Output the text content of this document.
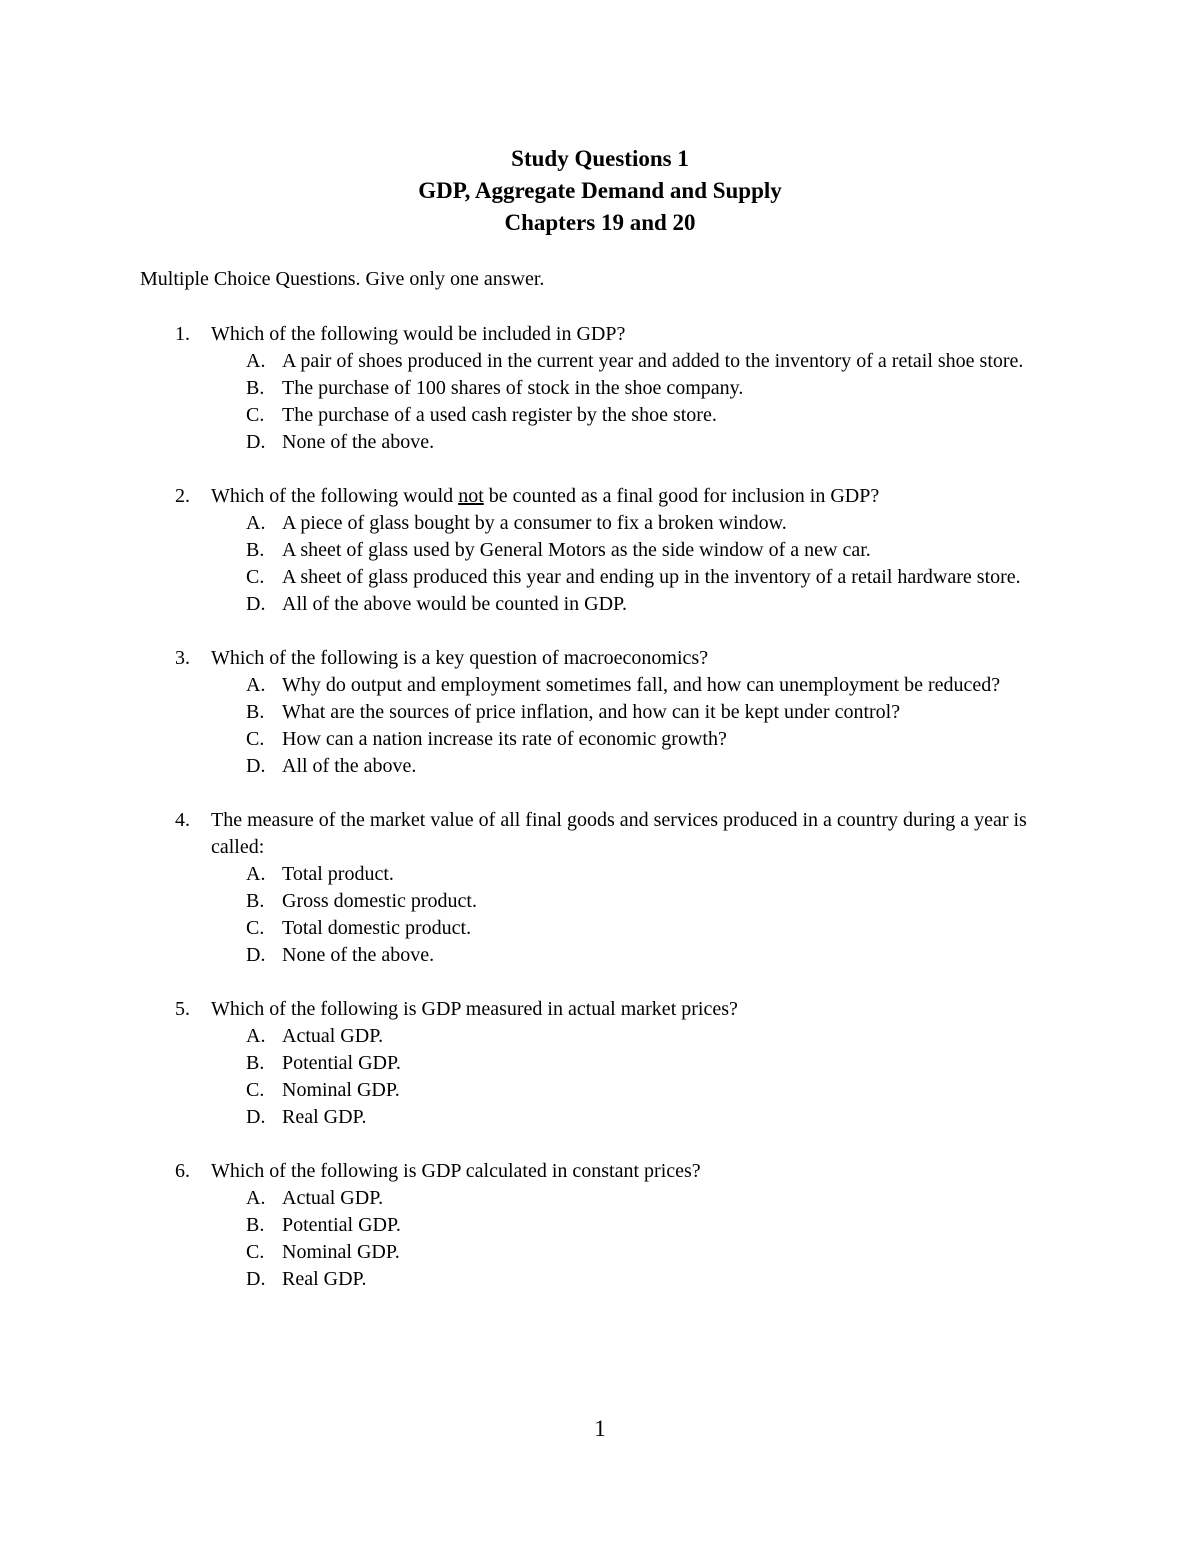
Study Questions 1
GDP, Aggregate Demand and Supply
Chapters 19 and 20
Multiple Choice Questions. Give only one answer.
1. Which of the following would be included in GDP?
A. A pair of shoes produced in the current year and added to the inventory of a retail shoe store.
B. The purchase of 100 shares of stock in the shoe company.
C. The purchase of a used cash register by the shoe store.
D. None of the above.
2. Which of the following would not be counted as a final good for inclusion in GDP?
A. A piece of glass bought by a consumer to fix a broken window.
B. A sheet of glass used by General Motors as the side window of a new car.
C. A sheet of glass produced this year and ending up in the inventory of a retail hardware store.
D. All of the above would be counted in GDP.
3. Which of the following is a key question of macroeconomics?
A. Why do output and employment sometimes fall, and how can unemployment be reduced?
B. What are the sources of price inflation, and how can it be kept under control?
C. How can a nation increase its rate of economic growth?
D. All of the above.
4. The measure of the market value of all final goods and services produced in a country during a year is called:
A. Total product.
B. Gross domestic product.
C. Total domestic product.
D. None of the above.
5. Which of the following is GDP measured in actual market prices?
A. Actual GDP.
B. Potential GDP.
C. Nominal GDP.
D. Real GDP.
6. Which of the following is GDP calculated in constant prices?
A. Actual GDP.
B. Potential GDP.
C. Nominal GDP.
D. Real GDP.
1
